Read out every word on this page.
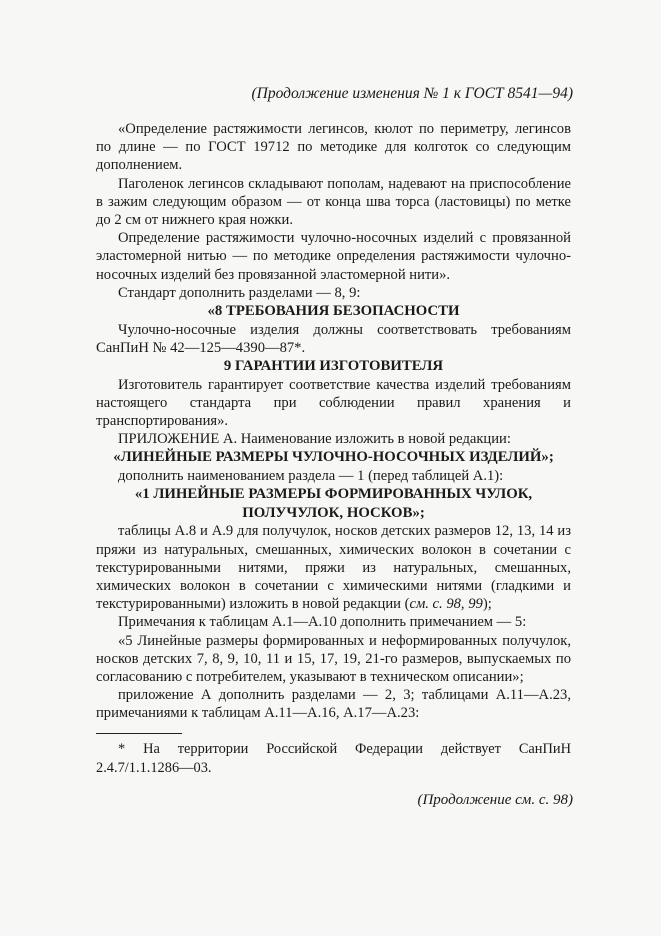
(Продолжение изменения № 1 к ГОСТ 8541—94)

«Определение растяжимости легинсов, кюлот по периметру, легинсов по длине — по ГОСТ 19712 по методике для колготок со следующим дополнением.

Паголенок легинсов складывают пополам, надевают на приспособление в зажим следующим образом — от конца шва торса (ластовицы) по метке до 2 см от нижнего края ножки.

Определение растяжимости чулочно-носочных изделий с провязанной эластомерной нитью — по методике определения растяжимости чулочно-носочных изделий без провязанной эластомерной нити».

Стандарт дополнить разделами — 8, 9:

«8 ТРЕБОВАНИЯ БЕЗОПАСНОСТИ

Чулочно-носочные изделия должны соответствовать требованиям СанПиН № 42—125—4390—87*.

9 ГАРАНТИИ ИЗГОТОВИТЕЛЯ

Изготовитель гарантирует соответствие качества изделий требованиям настоящего стандарта при соблюдении правил хранения и транспортирования».

ПРИЛОЖЕНИЕ А. Наименование изложить в новой редакции:

«ЛИНЕЙНЫЕ РАЗМЕРЫ ЧУЛОЧНО-НОСОЧНЫХ ИЗДЕЛИЙ»;

дополнить наименованием раздела — 1 (перед таблицей А.1):

«1 ЛИНЕЙНЫЕ РАЗМЕРЫ ФОРМИРОВАННЫХ ЧУЛОК,
ПОЛУЧУЛОК, НОСКОВ»;

таблицы А.8 и А.9 для получулок, носков детских размеров 12, 13, 14 из пряжи из натуральных, смешанных, химических волокон в сочетании с текстурированными нитями, пряжи из натуральных, смешанных, химических волокон в сочетании с химическими нитями (гладкими и текстурированными) изложить в новой редакции (см. с. 98, 99);

Примечания к таблицам А.1—А.10 дополнить примечанием — 5:

«5 Линейные размеры формированных и неформированных получулок, носков детских 7, 8, 9, 10, 11 и 15, 17, 19, 21-го размеров, выпускаемых по согласованию с потребителем, указывают в техническом описании»;

приложение А дополнить разделами — 2, 3; таблицами А.11—А.23, примечаниями к таблицам А.11—А.16, А.17—А.23:

* На территории Российской Федерации действует СанПиН 2.4.7/1.1.1286—03.

(Продолжение см. с. 98)
